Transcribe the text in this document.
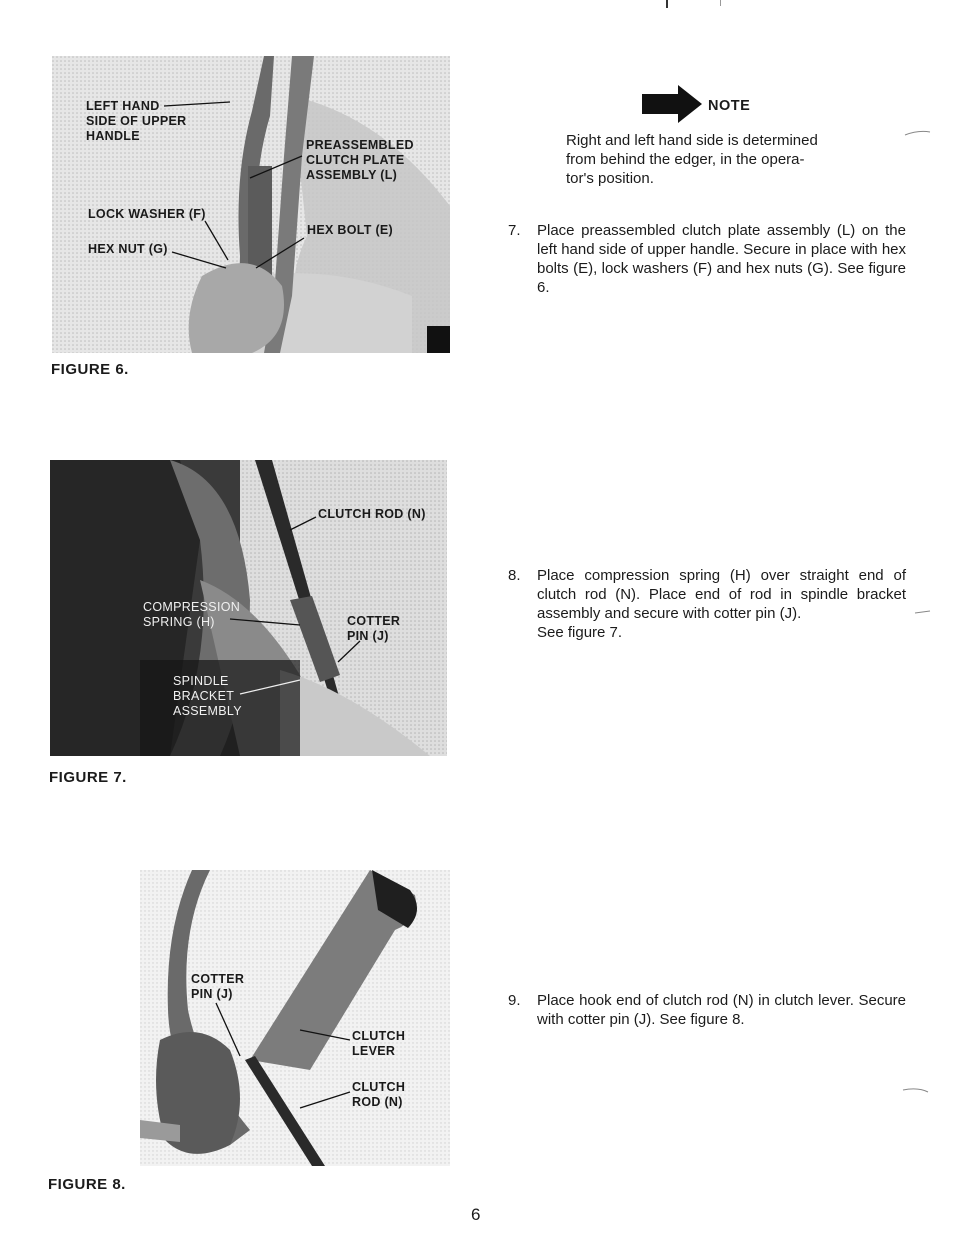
LEFT HAND
SIDE OF UPPER
HANDLE
PREASSEMBLED
CLUTCH PLATE
ASSEMBLY (L)
LOCK WASHER (F)
HEX BOLT (E)
HEX NUT (G)
FIGURE 6.
NOTE
Right and left hand side is determined
from behind the edger, in the opera-
tor's position.
7. Place preassembled clutch plate assembly (L) on the left hand side of upper handle. Secure in place with hex bolts (E), lock washers (F) and hex nuts (G). See figure 6.
CLUTCH ROD (N)
COMPRESSION
SPRING (H)	COTTER
PIN (J)
SPINDLE
BRACKET
ASSEMBLY
FIGURE 7.
8. Place compression spring (H) over straight end of clutch rod (N). Place end of rod in spindle bracket assembly and secure with cotter pin (J).
See figure 7.
COTTER
PIN (J)
CLUTCH
LEVER
CLUTCH
ROD (N)
FIGURE 8.
9. Place hook end of clutch rod (N) in clutch lever. Secure with cotter pin (J). See figure 8.
6
